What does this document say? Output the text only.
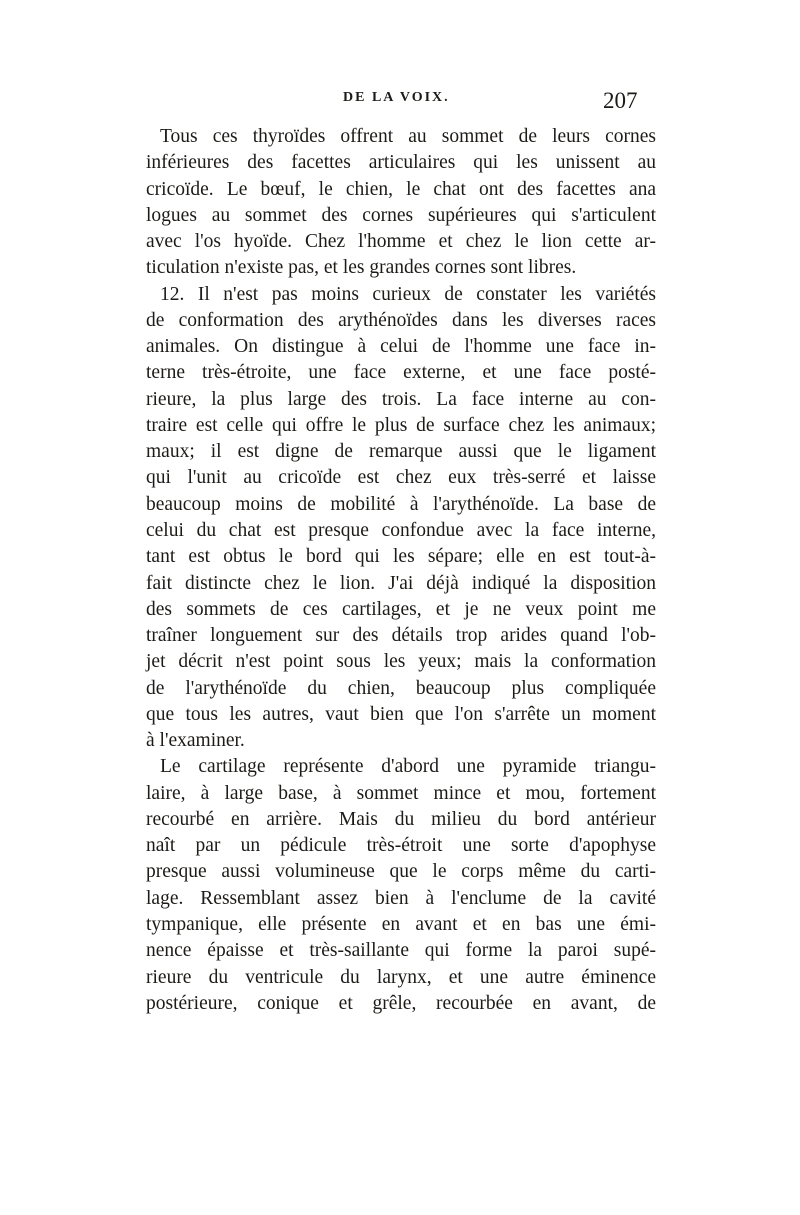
DE LA VOIX.	207
Tous ces thyroïdes offrent au sommet de leurs cornes
inférieures des facettes articulaires qui les unissent au
cricoïde. Le bœuf, le chien, le chat ont des facettes ana
logues au sommet des cornes supérieures qui s'articulent
avec l'os hyoïde. Chez l'homme et chez le lion cette ar-
ticulation n'existe pas, et les grandes cornes sont libres.
12. Il n'est pas moins curieux de constater les variétés
de conformation des arythénoïdes dans les diverses races
animales. On distingue à celui de l'homme une face in-
terne très-étroite, une face externe, et une face posté-
rieure, la plus large des trois. La face interne au con-
traire est celle qui offre le plus de surface chez les animaux;
maux; il est digne de remarque aussi que le ligament
qui l'unit au cricoïde est chez eux très-serré et laisse
beaucoup moins de mobilité à l'arythénoïde. La base de
celui du chat est presque confondue avec la face interne,
tant est obtus le bord qui les sépare; elle en est tout-à-
fait distincte chez le lion. J'ai déjà indiqué la disposition
des sommets de ces cartilages, et je ne veux point me
traîner longuement sur des détails trop arides quand l'ob-
jet décrit n'est point sous les yeux; mais la conformation
de l'arythénoïde du chien, beaucoup plus compliquée
que tous les autres, vaut bien que l'on s'arrête un moment
à l'examiner.
Le cartilage représente d'abord une pyramide triangu-
laire, à large base, à sommet mince et mou, fortement
recourbé en arrière. Mais du milieu du bord antérieur
naît par un pédicule très-étroit une sorte d'apophyse
presque aussi volumineuse que le corps même du carti-
lage. Ressemblant assez bien à l'enclume de la cavité
tympanique, elle présente en avant et en bas une émi-
nence épaisse et très-saillante qui forme la paroi supé-
rieure du ventricule du larynx, et une autre éminence
postérieure, conique et grêle, recourbée en avant, de
